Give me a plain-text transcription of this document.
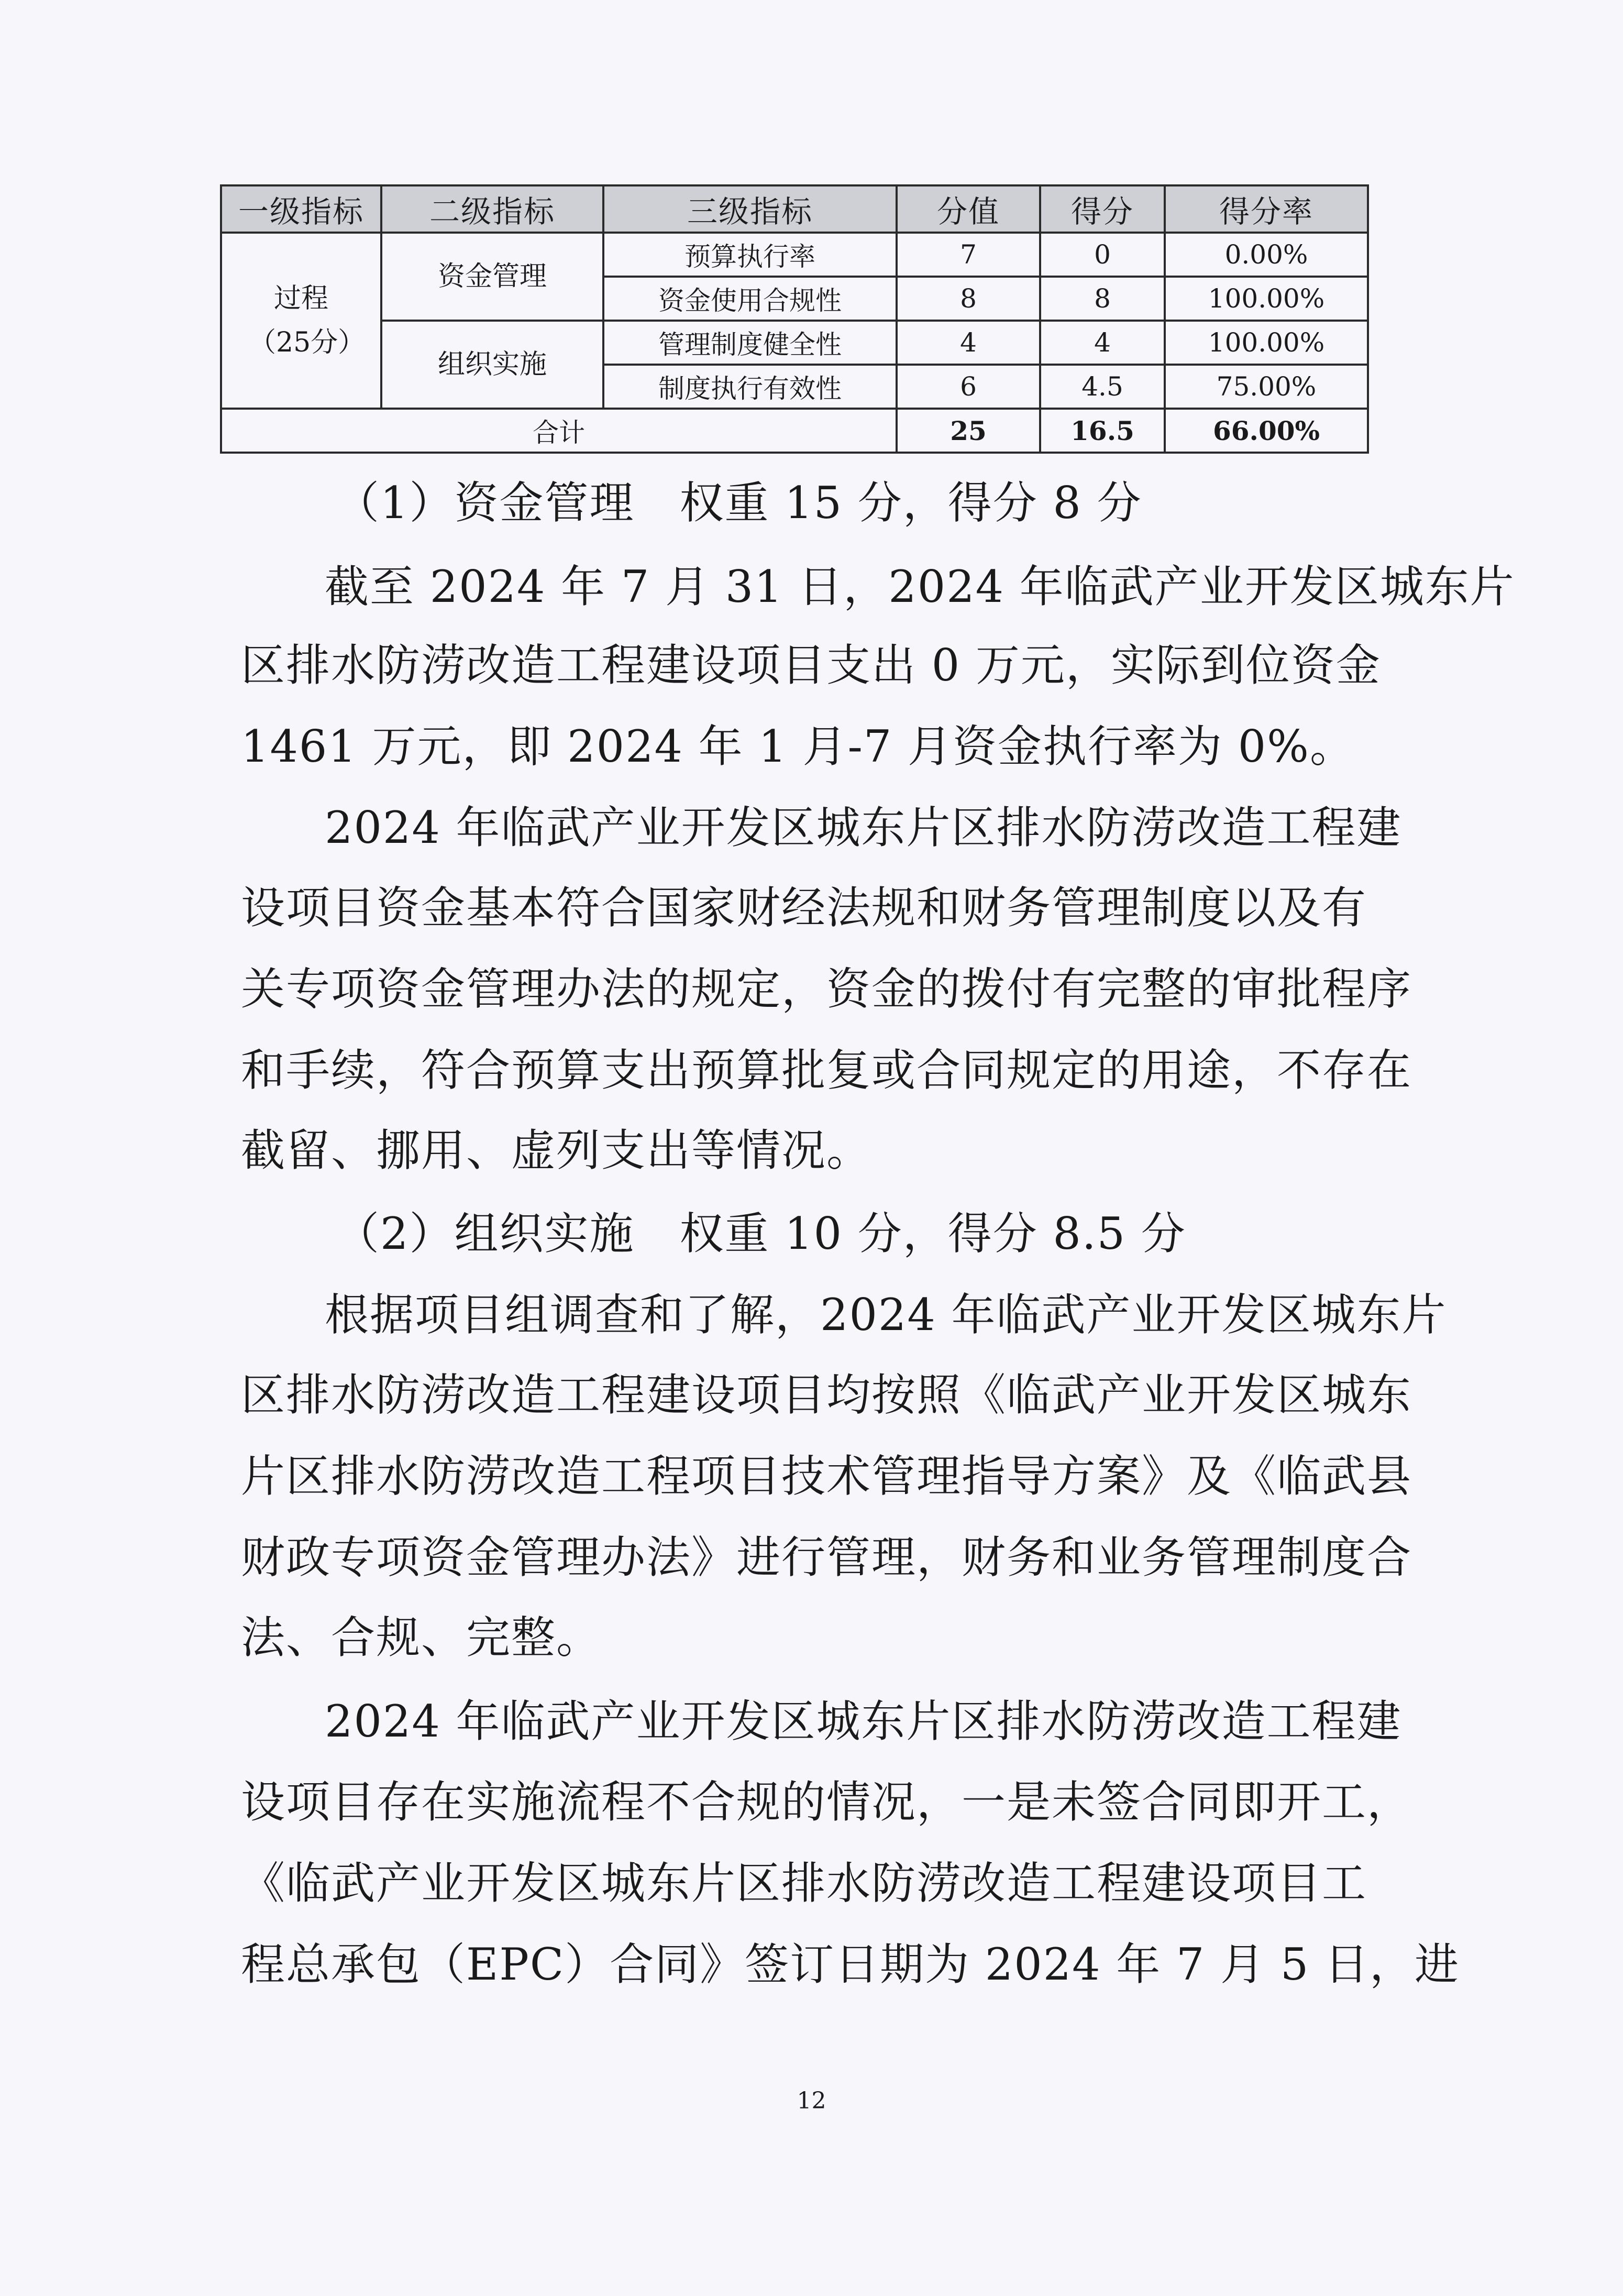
一级指标	二级指标	三级指标	分值	得分	得分率
过程（25分）	资金管理	预算执行率	7	0	0.00%
		资金使用合规性	8	8	100.00%
	组织实施	管理制度健全性	4	4	100.00%
		制度执行有效性	6	4.5	75.00%
合计			25	16.5	66.00%
（1）资金管理　权重 15 分，得分 8 分
截至 2024 年 7 月 31 日，2024 年临武产业开发区城东片
区排水防涝改造工程建设项目支出 0 万元，实际到位资金
1461 万元，即 2024 年 1 月-7 月资金执行率为 0%。
2024 年临武产业开发区城东片区排水防涝改造工程建
设项目资金基本符合国家财经法规和财务管理制度以及有
关专项资金管理办法的规定，资金的拨付有完整的审批程序
和手续，符合预算支出预算批复或合同规定的用途，不存在
截留、挪用、虚列支出等情况。
（2）组织实施　权重 10 分，得分 8.5 分
根据项目组调查和了解，2024 年临武产业开发区城东片
区排水防涝改造工程建设项目均按照《临武产业开发区城东
片区排水防涝改造工程项目技术管理指导方案》及《临武县
财政专项资金管理办法》进行管理，财务和业务管理制度合
法、合规、完整。
2024 年临武产业开发区城东片区排水防涝改造工程建
设项目存在实施流程不合规的情况，一是未签合同即开工，
《临武产业开发区城东片区排水防涝改造工程建设项目工
程总承包（EPC）合同》签订日期为 2024 年 7 月 5 日，进
12
